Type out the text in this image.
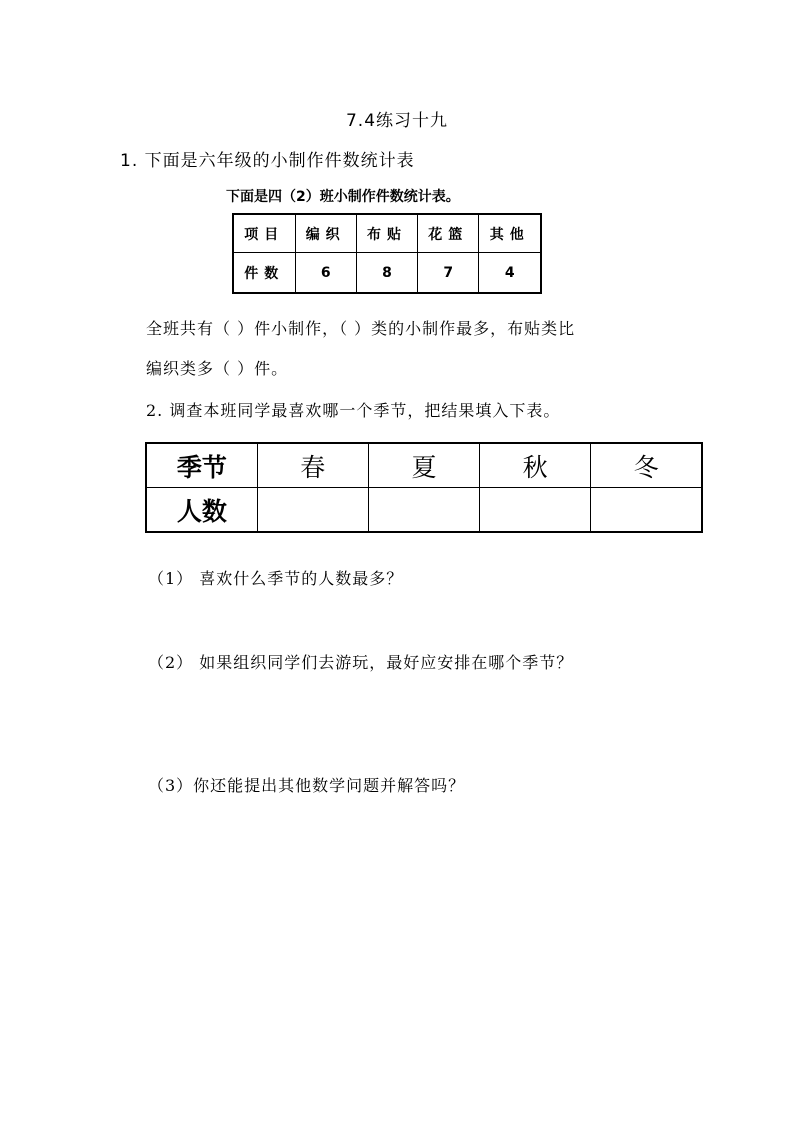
7.4练习十九
1. 下面是六年级的小制作件数统计表
下面是四（2）班小制作件数统计表。
项目	编织	布贴	花篮	其他
件数	6	8	7	4
全班共有（ ）件小制作，（ ）类的小制作最多，布贴类比
编织类多（ ）件。
2. 调查本班同学最喜欢哪一个季节，把结果填入下表。
季节	春	夏	秋	冬
人数				
（1） 喜欢什么季节的人数最多？
（2） 如果组织同学们去游玩，最好应安排在哪个季节？
（3）你还能提出其他数学问题并解答吗？
